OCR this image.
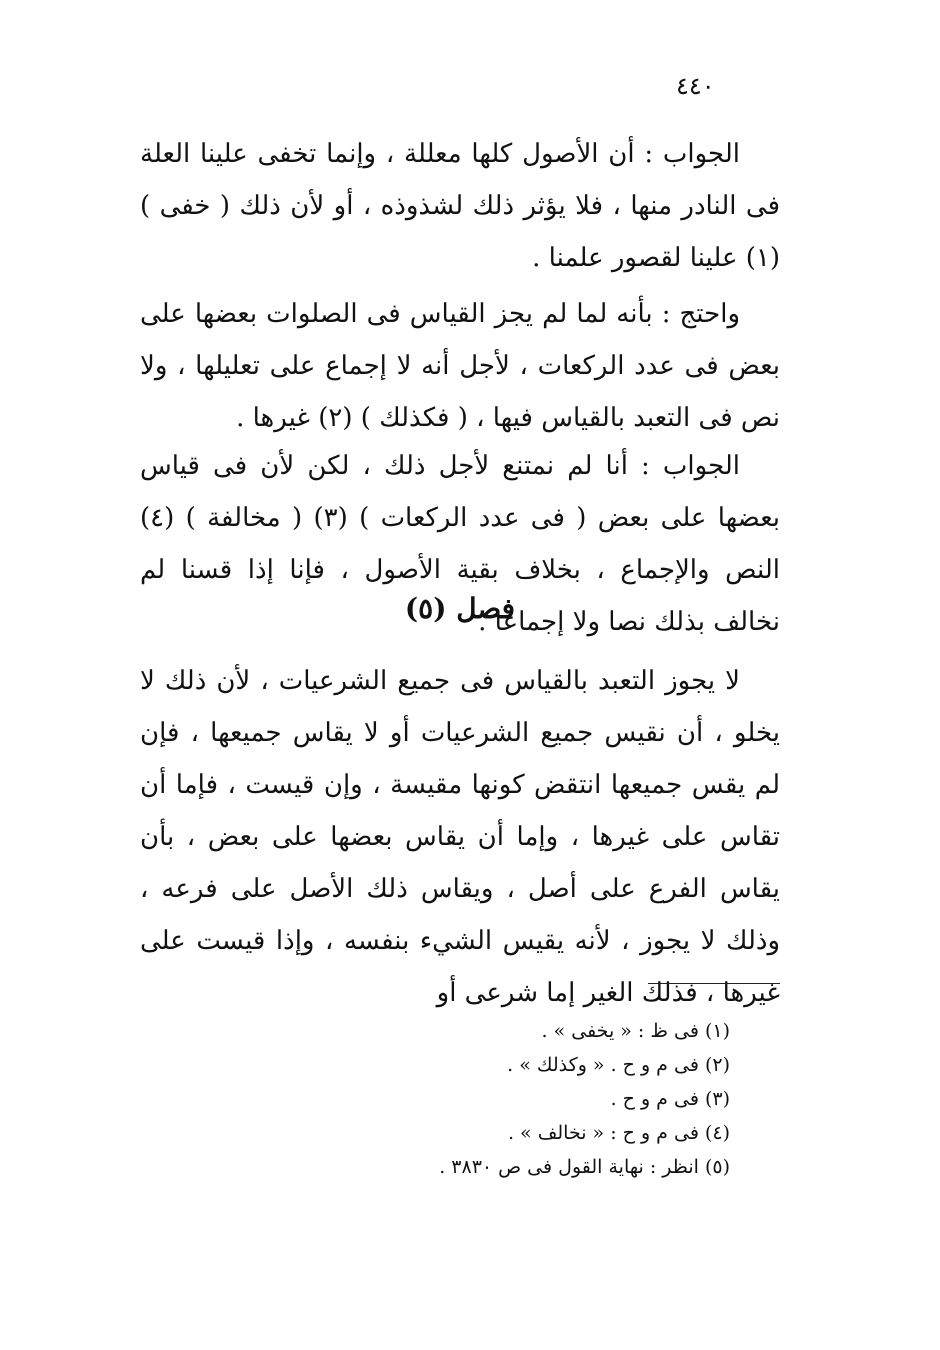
٤٤٠

الجواب : أن الأصول كلها معللة ، وإنما تخفى علينا العلة فى النادر منها ، فلا يؤثر ذلك لشذوذه ، أو لأن ذلك ( خفى ) (١) علينا لقصور علمنا .

واحتج : بأنه لما لم يجز القياس فى الصلوات بعضها على بعض فى عدد الركعات ، لأجل أنه لا إجماع على تعليلها ، ولا نص فى التعبد بالقياس فيها ، ( فكذلك ) (٢) غيرها .

الجواب : أنا لم نمتنع لأجل ذلك ، لكن لأن فى قياس بعضها على بعض ( فى عدد الركعات ) (٣) ( مخالفة ) (٤) النص والإجماع ، بخلاف بقية الأصول ، فإنا إذا قسنا لم نخالف بذلك نصا ولا إجماعا .

فصل (٥)

لا يجوز التعبد بالقياس فى جميع الشرعيات ، لأن ذلك لا يخلو ، أن نقيس جميع الشرعيات أو لا يقاس جميعها ، فإن لم يقس جميعها انتقض كونها مقيسة ، وإن قيست ، فإما أن تقاس على غيرها ، وإما أن يقاس بعضها على بعض ، بأن يقاس الفرع على أصل ، ويقاس ذلك الأصل على فرعه ، وذلك لا يجوز ، لأنه يقيس الشيء بنفسه ، وإذا قيست على غيرها ، فذلك الغير إما شرعى أو

(١) فى ظ : « يخفى » .
(٢) فى م و ح . « وكذلك » .
(٣) فى م و ح .
(٤) فى م و ح : « نخالف » .
(٥) انظر : نهاية القول فى ص ٣٨٣٠ .
